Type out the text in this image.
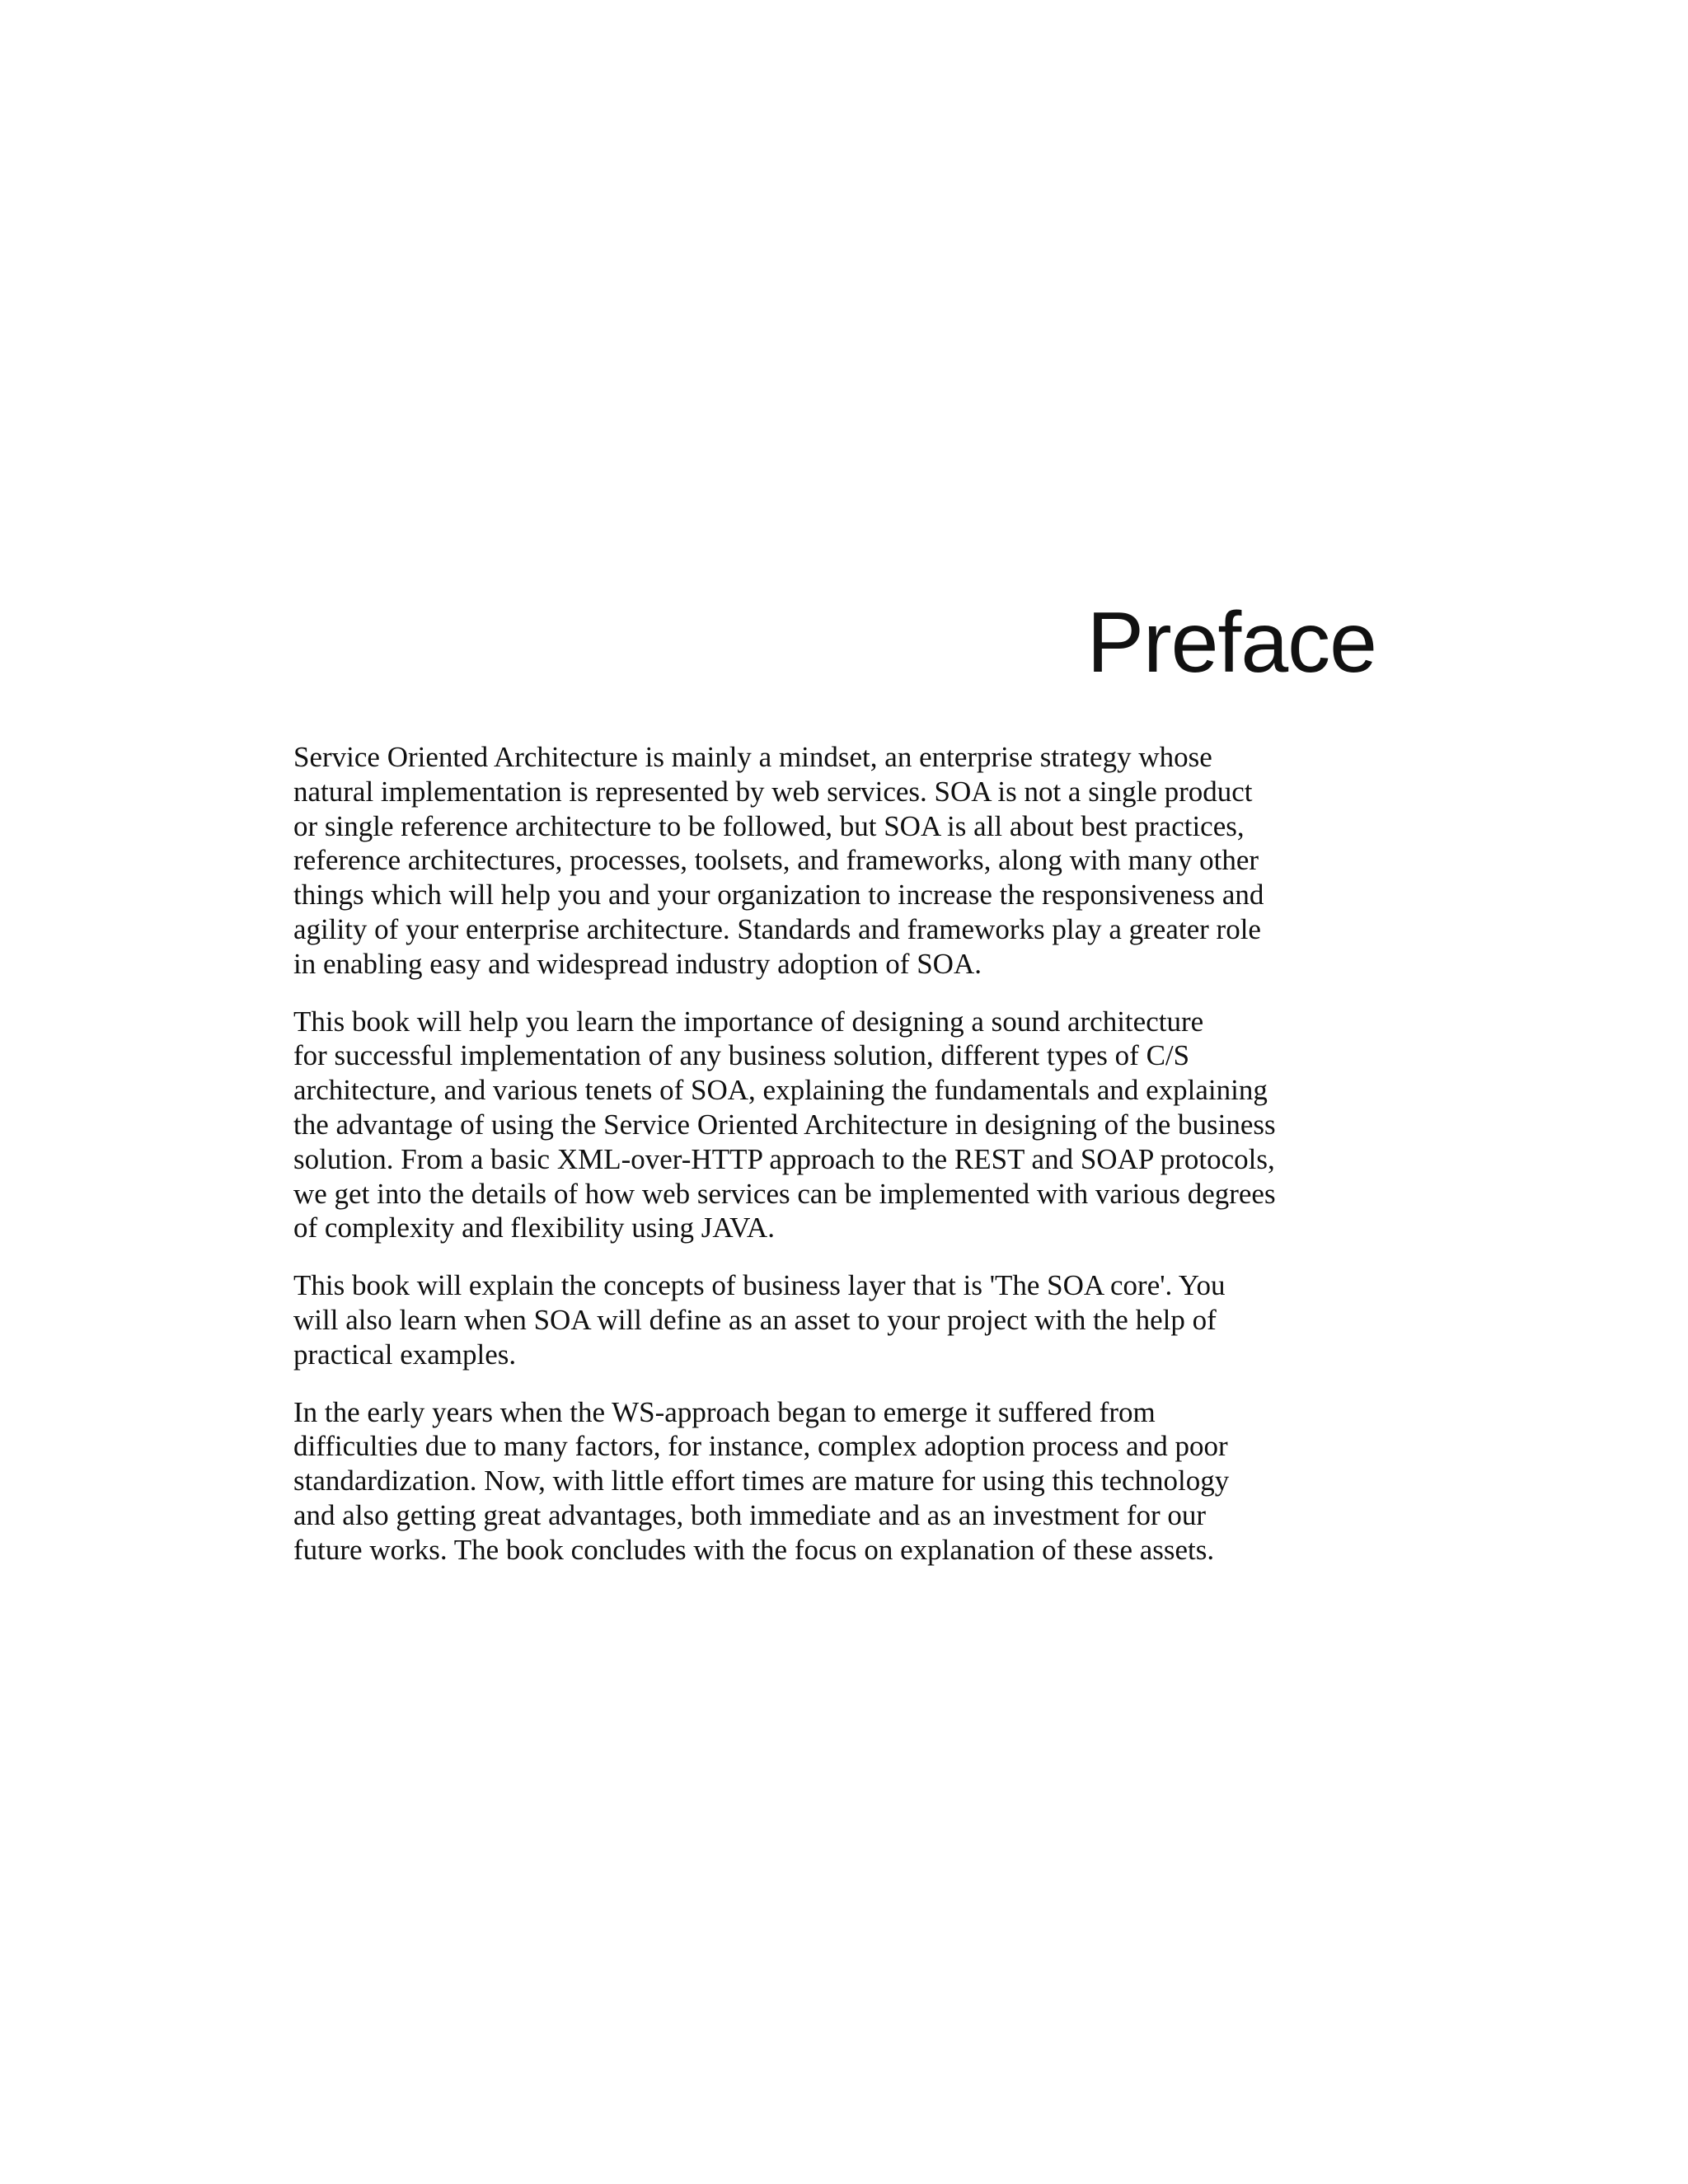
Preface

Service Oriented Architecture is mainly a mindset, an enterprise strategy whose
natural implementation is represented by web services. SOA is not a single product
or single reference architecture to be followed, but SOA is all about best practices,
reference architectures, processes, toolsets, and frameworks, along with many other
things which will help you and your organization to increase the responsiveness and
agility of your enterprise architecture. Standards and frameworks play a greater role
in enabling easy and widespread industry adoption of SOA.

This book will help you learn the importance of designing a sound architecture
for successful implementation of any business solution, different types of C/S
architecture, and various tenets of SOA, explaining the fundamentals and explaining
the advantage of using the Service Oriented Architecture in designing of the business
solution. From a basic XML-over-HTTP approach to the REST and SOAP protocols,
we get into the details of how web services can be implemented with various degrees
of complexity and flexibility using JAVA.

This book will explain the concepts of business layer that is 'The SOA core'. You
will also learn when SOA will define as an asset to your project with the help of
practical examples.

In the early years when the WS-approach began to emerge it suffered from
difficulties due to many factors, for instance, complex adoption process and poor
standardization. Now, with little effort times are mature for using this technology
and also getting great advantages, both immediate and as an investment for our
future works. The book concludes with the focus on explanation of these assets.
